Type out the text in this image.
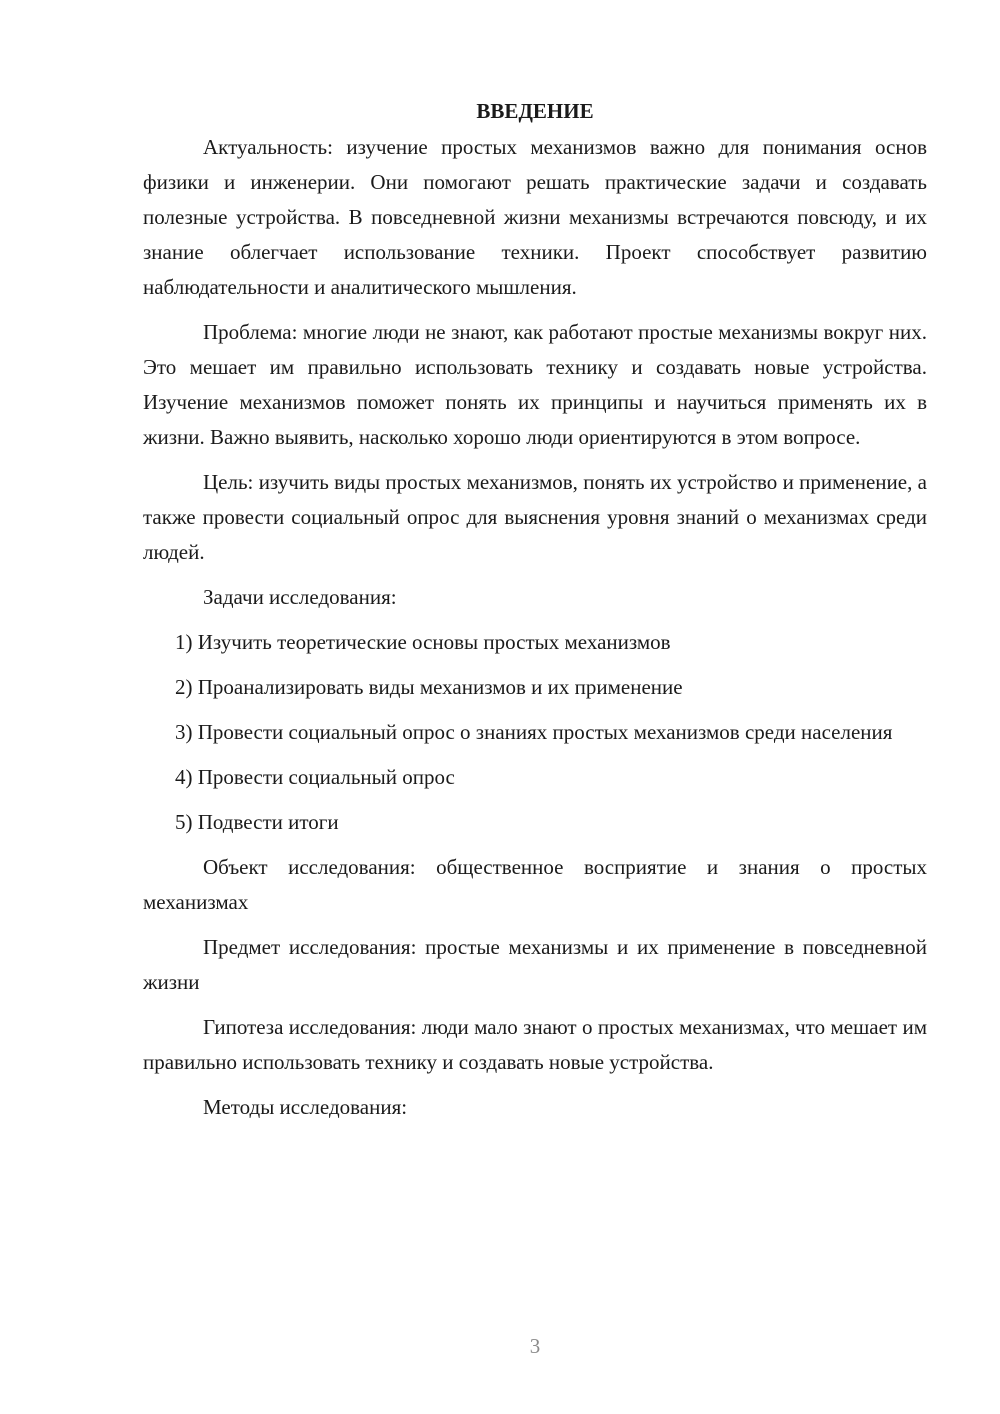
ВВЕДЕНИЕ

Актуальность: изучение простых механизмов важно для понимания основ физики и инженерии. Они помогают решать практические задачи и создавать полезные устройства. В повседневной жизни механизмы встречаются повсюду, и их знание облегчает использование техники. Проект способствует развитию наблюдательности и аналитического мышления.

Проблема: многие люди не знают, как работают простые механизмы вокруг них. Это мешает им правильно использовать технику и создавать новые устройства. Изучение механизмов поможет понять их принципы и научиться применять их в жизни. Важно выявить, насколько хорошо люди ориентируются в этом вопросе.

Цель: изучить виды простых механизмов, понять их устройство и применение, а также провести социальный опрос для выяснения уровня знаний о механизмах среди людей.

Задачи исследования:

1) Изучить теоретические основы простых механизмов

2) Проанализировать виды механизмов и их применение

3) Провести социальный опрос о знаниях простых механизмов среди населения

4) Провести социальный опрос

5) Подвести итоги

Объект исследования: общественное восприятие и знания о простых механизмах

Предмет исследования: простые механизмы и их применение в повседневной жизни

Гипотеза исследования: люди мало знают о простых механизмах, что мешает им правильно использовать технику и создавать новые устройства.

Методы исследования:

3
